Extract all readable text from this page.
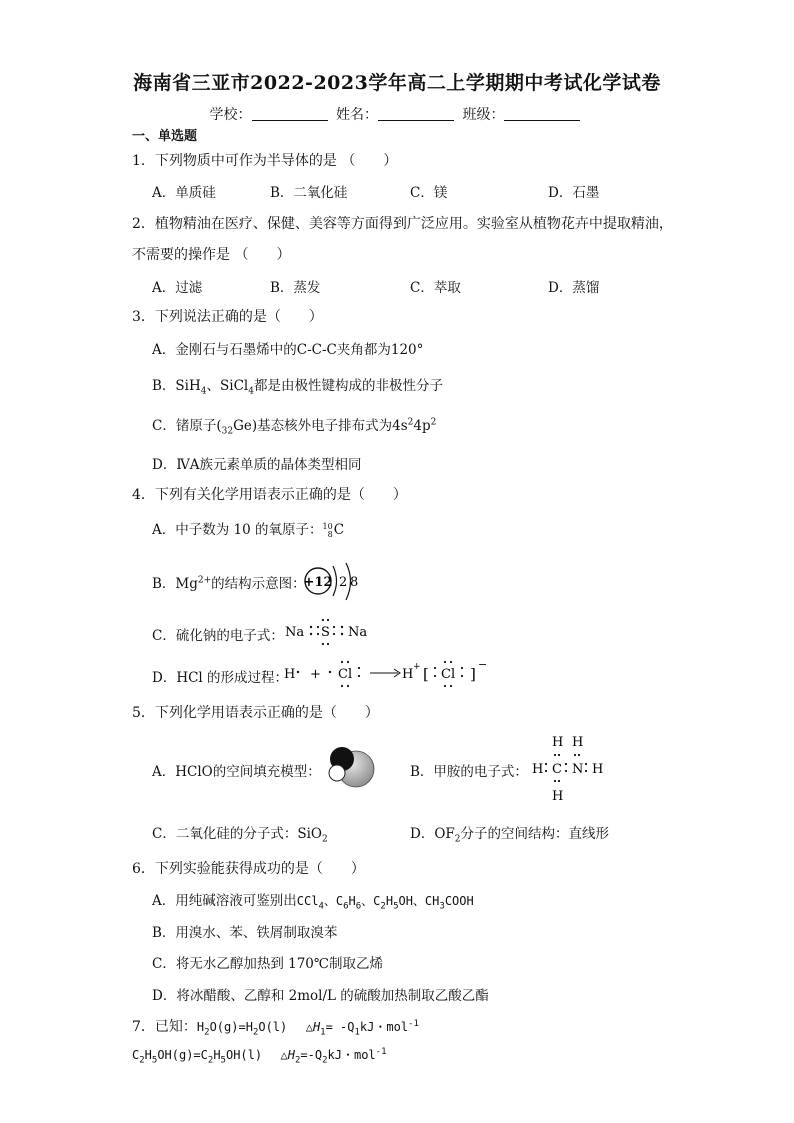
海南省三亚市2022-2023学年高二上学期期中考试化学试卷
学校：	姓名：	班级：
一、单选题
1．下列物质中可作为半导体的是 （　　）
A．单质硅	B．二氧化硅	C．镁	D．石墨
2．植物精油在医疗、保健、美容等方面得到广泛应用。实验室从植物花卉中提取精油，
不需要的操作是 （　　）
A．过滤	B．蒸发	C．萃取	D．蒸馏
3．下列说法正确的是（　　）
A．金刚石与石墨烯中的C-C-C夹角都为120°
B．SiH$_4$、SiCl$_4$都是由极性键构成的非极性分子
C．锗原子$(_{32}Ge)$基态核外电子排布式为$4s^24p^2$
D．ⅣA族元素单质的晶体类型相同
4．下列有关化学用语表示正确的是（　　）
A．中子数为 10 的氧原子：10
8C
B．$Mg^{2+}$的结构示意图：
+12 2 8
C．硫化钠的电子式： Na S Na
D．HCl 的形成过程：
H + Cl	H + [ Cl ]
−
5．下列化学用语表示正确的是（　　）
A．HClO的空间填充模型：	B．甲胺的电子式：
H H
H C N H
H
C．二氧化硅的分子式：SiO$_2$	D．$OF_2$分子的空间结构：直线形
6．下列实验能获得成功的是（　　）
A．用纯碱溶液可鉴别出CCl$_4$、$C_6H_6$、$C_2H_5OH$、$CH_3COOH$
B．用溴水、苯、铁屑制取溴苯
C．将无水乙醇加热到 170℃制取乙烯
D．将冰醋酸、乙醇和 2mol/L 的硫酸加热制取乙酸乙酯
7．已知：$H_2O(g)=H_2O(l)$ $\triangle H_1= -Q_1kJ$・mol$^{-1}$
$C_2H_5OH(g)=C_2H_5OH(l)$ $\triangle H_2=-Q_2kJ$・mol$^{-1}$
